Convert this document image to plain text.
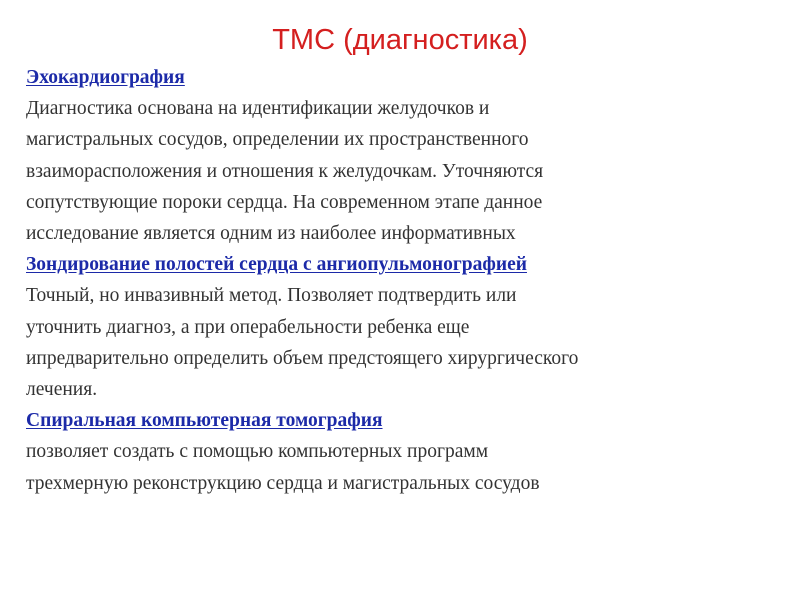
ТМС (диагностика)
Эхокардиография
Диагностика основана на идентификации желудочков и
магистральных сосудов, определении их пространственного
взаиморасположения и отношения к желудочкам. Уточняются
сопутствующие пороки сердца. На современном этапе данное
исследование является одним из наиболее информативных
Зондирование полостей сердца с ангиопульмонографией
Точный, но инвазивный метод. Позволяет подтвердить или
уточнить диагноз, а при операбельности ребенка еще
ипредварительно определить объем предстоящего хирургического
лечения.
Спиральная компьютерная томография
позволяет создать с помощью компьютерных программ
трехмерную реконструкцию сердца и магистральных сосудов
